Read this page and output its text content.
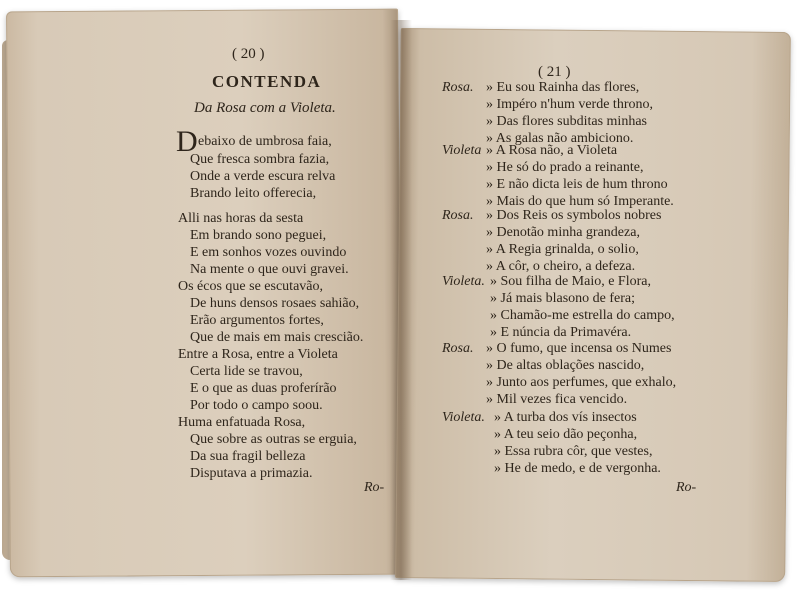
( 20 )
CONTENDA
Da Rosa com a Violeta.
D ebaixo de umbrosa faia,
Que fresca sombra fazia,
Onde a verde escura relva
Brando leito offerecia,
Alli nas horas da sesta
Em brando sono peguei,
E em sonhos vozes ouvindo
Na mente o que ouvi gravei.
Os écos que se escutavão,
De huns densos rosaes sahião,
Erão argumentos fortes,
Que de mais em mais crescião.
Entre a Rosa, entre a Violeta
Certa lide se travou,
E o que as duas proferírão
Por todo o campo soou.
Huma enfatuada Rosa,
Que sobre as outras se erguia,
Da sua fragil belleza
Disputava a primazia.
Ro-
( 21 )
Rosa. » Eu sou Rainha das flores,
» Impéro n'hum verde throno,
» Das flores subditas minhas
» As galas não ambiciono.
Violeta » A Rosa não, a Violeta
» He só do prado a reinante,
» E não dicta leis de hum throno
» Mais do que hum só Imperante.
Rosa. » Dos Reis os symbolos nobres
» Denotão minha grandeza,
» A Regia grinalda, o solio,
» A côr, o cheiro, a defeza.
Violeta. » Sou filha de Maio, e Flora,
» Já mais blasono de fera;
» Chamão-me estrella do campo,
» E núncia da Primavéra.
Rosa. » O fumo, que incensa os Numes
» De altas oblações nascido,
» Junto aos perfumes, que exhalo,
» Mil vezes fica vencido.
Violeta. » A turba dos vís insectos
» A teu seio dão peçonha,
» Essa rubra côr, que vestes,
» He de medo, e de vergonha.
Ro-
